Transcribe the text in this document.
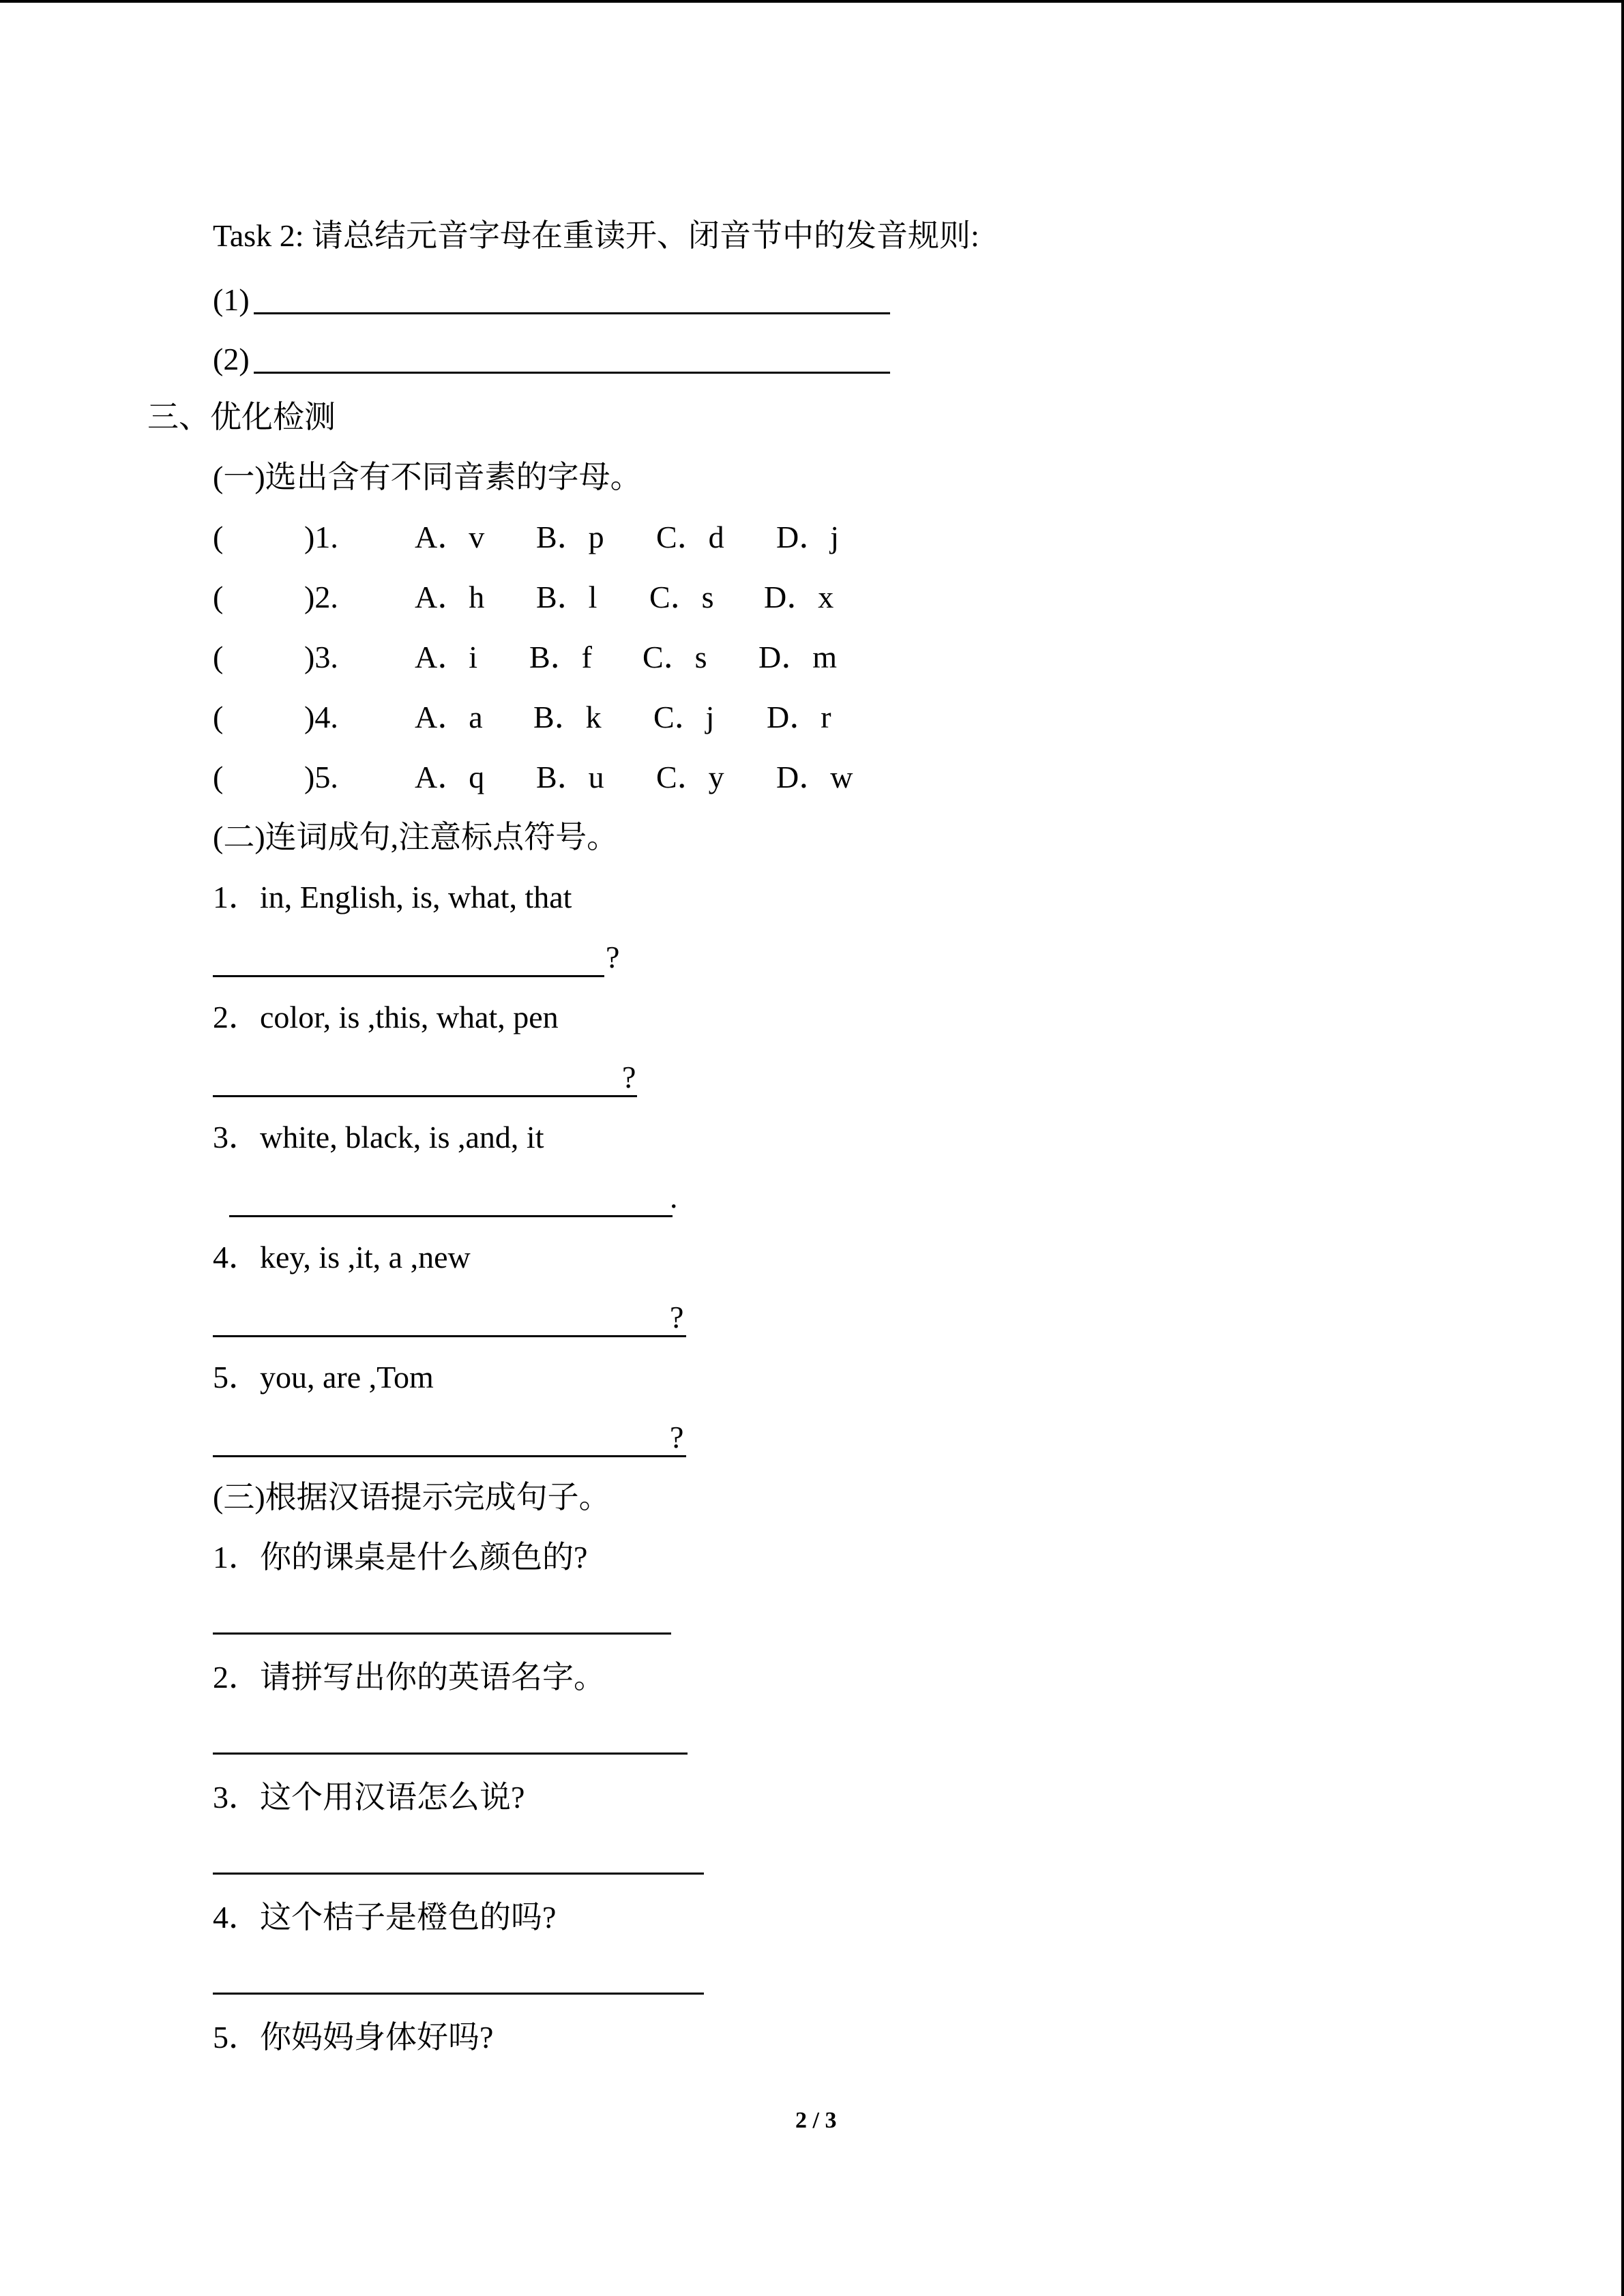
Task 2: 请总结元音字母在重读开、闭音节中的发音规则:
(1)
(2)
三、优化检测
(一)选出含有不同音素的字母。
(	)1. A．v B．p C．d D．j
(	)2. A．h B．l C．s D．x
(	)3. A．i B．f C．s D．m
(	)4. A．a B．k C．j D．r
(	)5. A．q B．u C．y D．w
(二)连词成句,注意标点符号。
1．in, English, is, what, that
?
2．color, is ,this, what, pen
?
3．white, black, is ,and, it
.
4．key, is ,it, a ,new
?
5．you, are ,Tom
?
(三)根据汉语提示完成句子。
1．你的课桌是什么颜色的?
2．请拼写出你的英语名字。
3．这个用汉语怎么说?
4．这个桔子是橙色的吗?
5．你妈妈身体好吗?
2 / 3
